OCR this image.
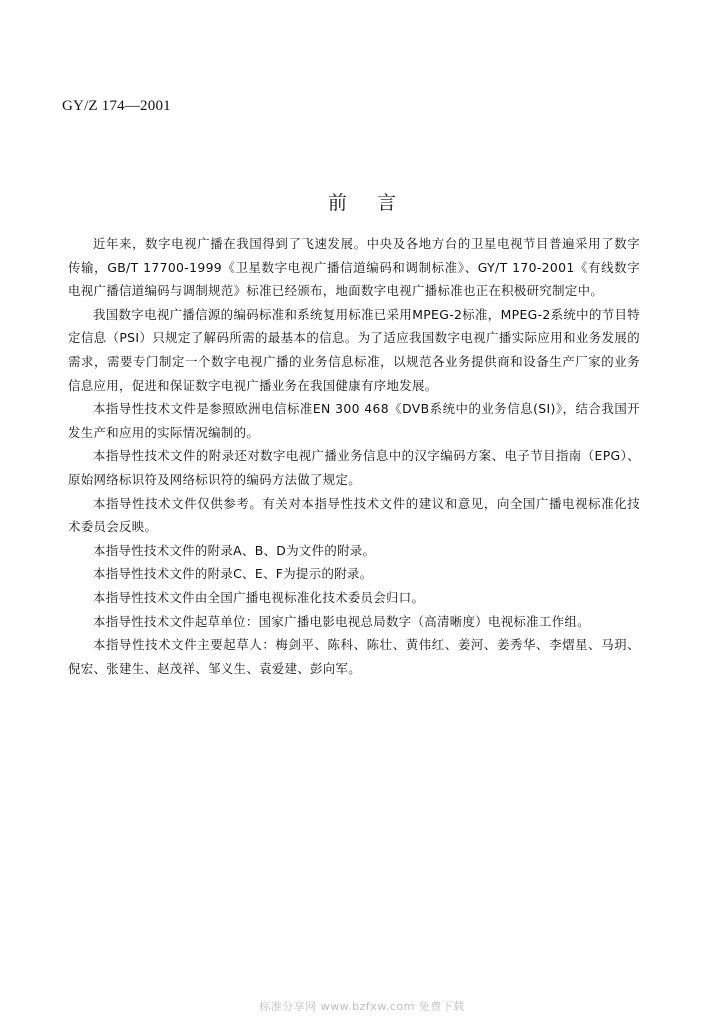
GY/Z 174—2001
前言

近年来，数字电视广播在我国得到了飞速发展。中央及各地方台的卫星电视节目普遍采用了数字传输，GB/T 17700-1999《卫星数字电视广播信道编码和调制标准》、GY/T 170-2001《有线数字电视广播信道编码与调制规范》标准已经颁布，地面数字电视广播标准也正在积极研究制定中。

我国数字电视广播信源的编码标准和系统复用标准已采用MPEG-2标准，MPEG-2系统中的节目特定信息（PSI）只规定了解码所需的最基本的信息。为了适应我国数字电视广播实际应用和业务发展的需求，需要专门制定一个数字电视广播的业务信息标准，以规范各业务提供商和设备生产厂家的业务信息应用，促进和保证数字电视广播业务在我国健康有序地发展。

本指导性技术文件是参照欧洲电信标准EN 300 468《DVB系统中的业务信息(SI)》，结合我国开发生产和应用的实际情况编制的。

本指导性技术文件的附录还对数字电视广播业务信息中的汉字编码方案、电子节目指南（EPG）、原始网络标识符及网络标识符的编码方法做了规定。

本指导性技术文件仅供参考。有关对本指导性技术文件的建议和意见，向全国广播电视标准化技术委员会反映。

本指导性技术文件的附录A、B、D为文件的附录。

本指导性技术文件的附录C、E、F为提示的附录。

本指导性技术文件由全国广播电视标准化技术委员会归口。

本指导性技术文件起草单位：国家广播电影电视总局数字（高清晰度）电视标准工作组。

本指导性技术文件主要起草人：梅剑平、陈科、陈壮、黄伟红、姜河、姜秀华、李熠星、马玥、倪宏、张建生、赵茂祥、邹义生、袁爱建、彭向军。

标准分享网 www.bzfxw.com 免费下载
